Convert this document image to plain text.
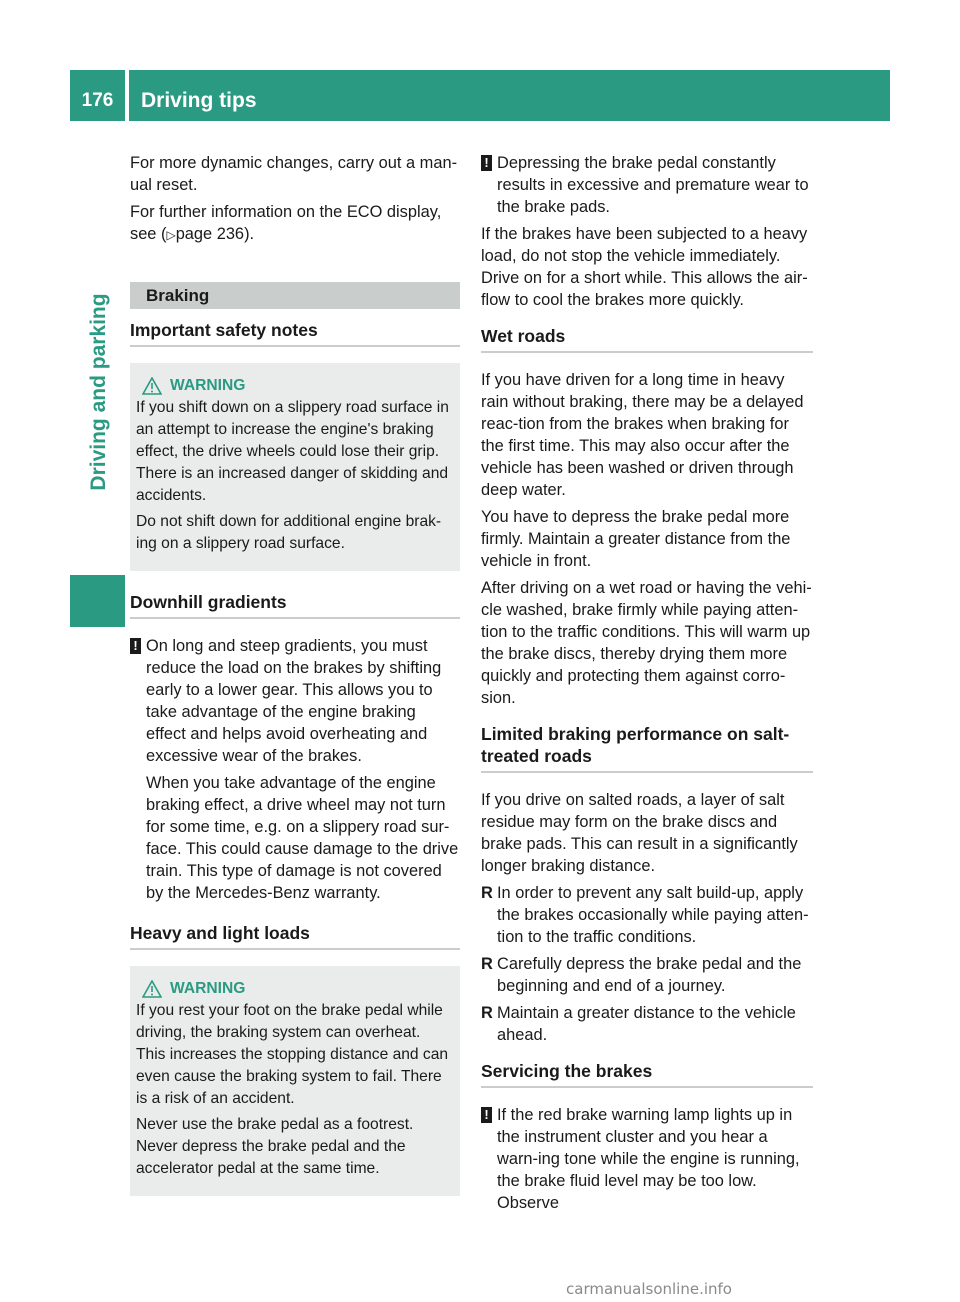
176	Driving tips
Driving and parking
For more dynamic changes, carry out a man-ual reset.
For further information on the ECO display, see (▷page 236).
Braking
Important safety notes
WARNING
If you shift down on a slippery road surface in an attempt to increase the engine's braking effect, the drive wheels could lose their grip. There is an increased danger of skidding and accidents.
Do not shift down for additional engine brak-ing on a slippery road surface.
Downhill gradients
! On long and steep gradients, you must reduce the load on the brakes by shifting early to a lower gear. This allows you to take advantage of the engine braking effect and helps avoid overheating and excessive wear of the brakes.
When you take advantage of the engine braking effect, a drive wheel may not turn for some time, e.g. on a slippery road sur-face. This could cause damage to the drive train. This type of damage is not covered by the Mercedes-Benz warranty.
Heavy and light loads
WARNING
If you rest your foot on the brake pedal while driving, the braking system can overheat. This increases the stopping distance and can even cause the braking system to fail. There is a risk of an accident.
Never use the brake pedal as a footrest. Never depress the brake pedal and the accelerator pedal at the same time.
! Depressing the brake pedal constantly results in excessive and premature wear to the brake pads.
If the brakes have been subjected to a heavy load, do not stop the vehicle immediately. Drive on for a short while. This allows the air-flow to cool the brakes more quickly.
Wet roads
If you have driven for a long time in heavy rain without braking, there may be a delayed reac-tion from the brakes when braking for the first time. This may also occur after the vehicle has been washed or driven through deep water.
You have to depress the brake pedal more firmly. Maintain a greater distance from the vehicle in front.
After driving on a wet road or having the vehi-cle washed, brake firmly while paying atten-tion to the traffic conditions. This will warm up the brake discs, thereby drying them more quickly and protecting them against corro-sion.
Limited braking performance on salt-treated roads
If you drive on salted roads, a layer of salt residue may form on the brake discs and brake pads. This can result in a significantly longer braking distance.
R In order to prevent any salt build-up, apply the brakes occasionally while paying atten-tion to the traffic conditions.
R Carefully depress the brake pedal and the beginning and end of a journey.
R Maintain a greater distance to the vehicle ahead.
Servicing the brakes
! If the red brake warning lamp lights up in the instrument cluster and you hear a warn-ing tone while the engine is running, the brake fluid level may be too low. Observe
carmanualsonline.info
